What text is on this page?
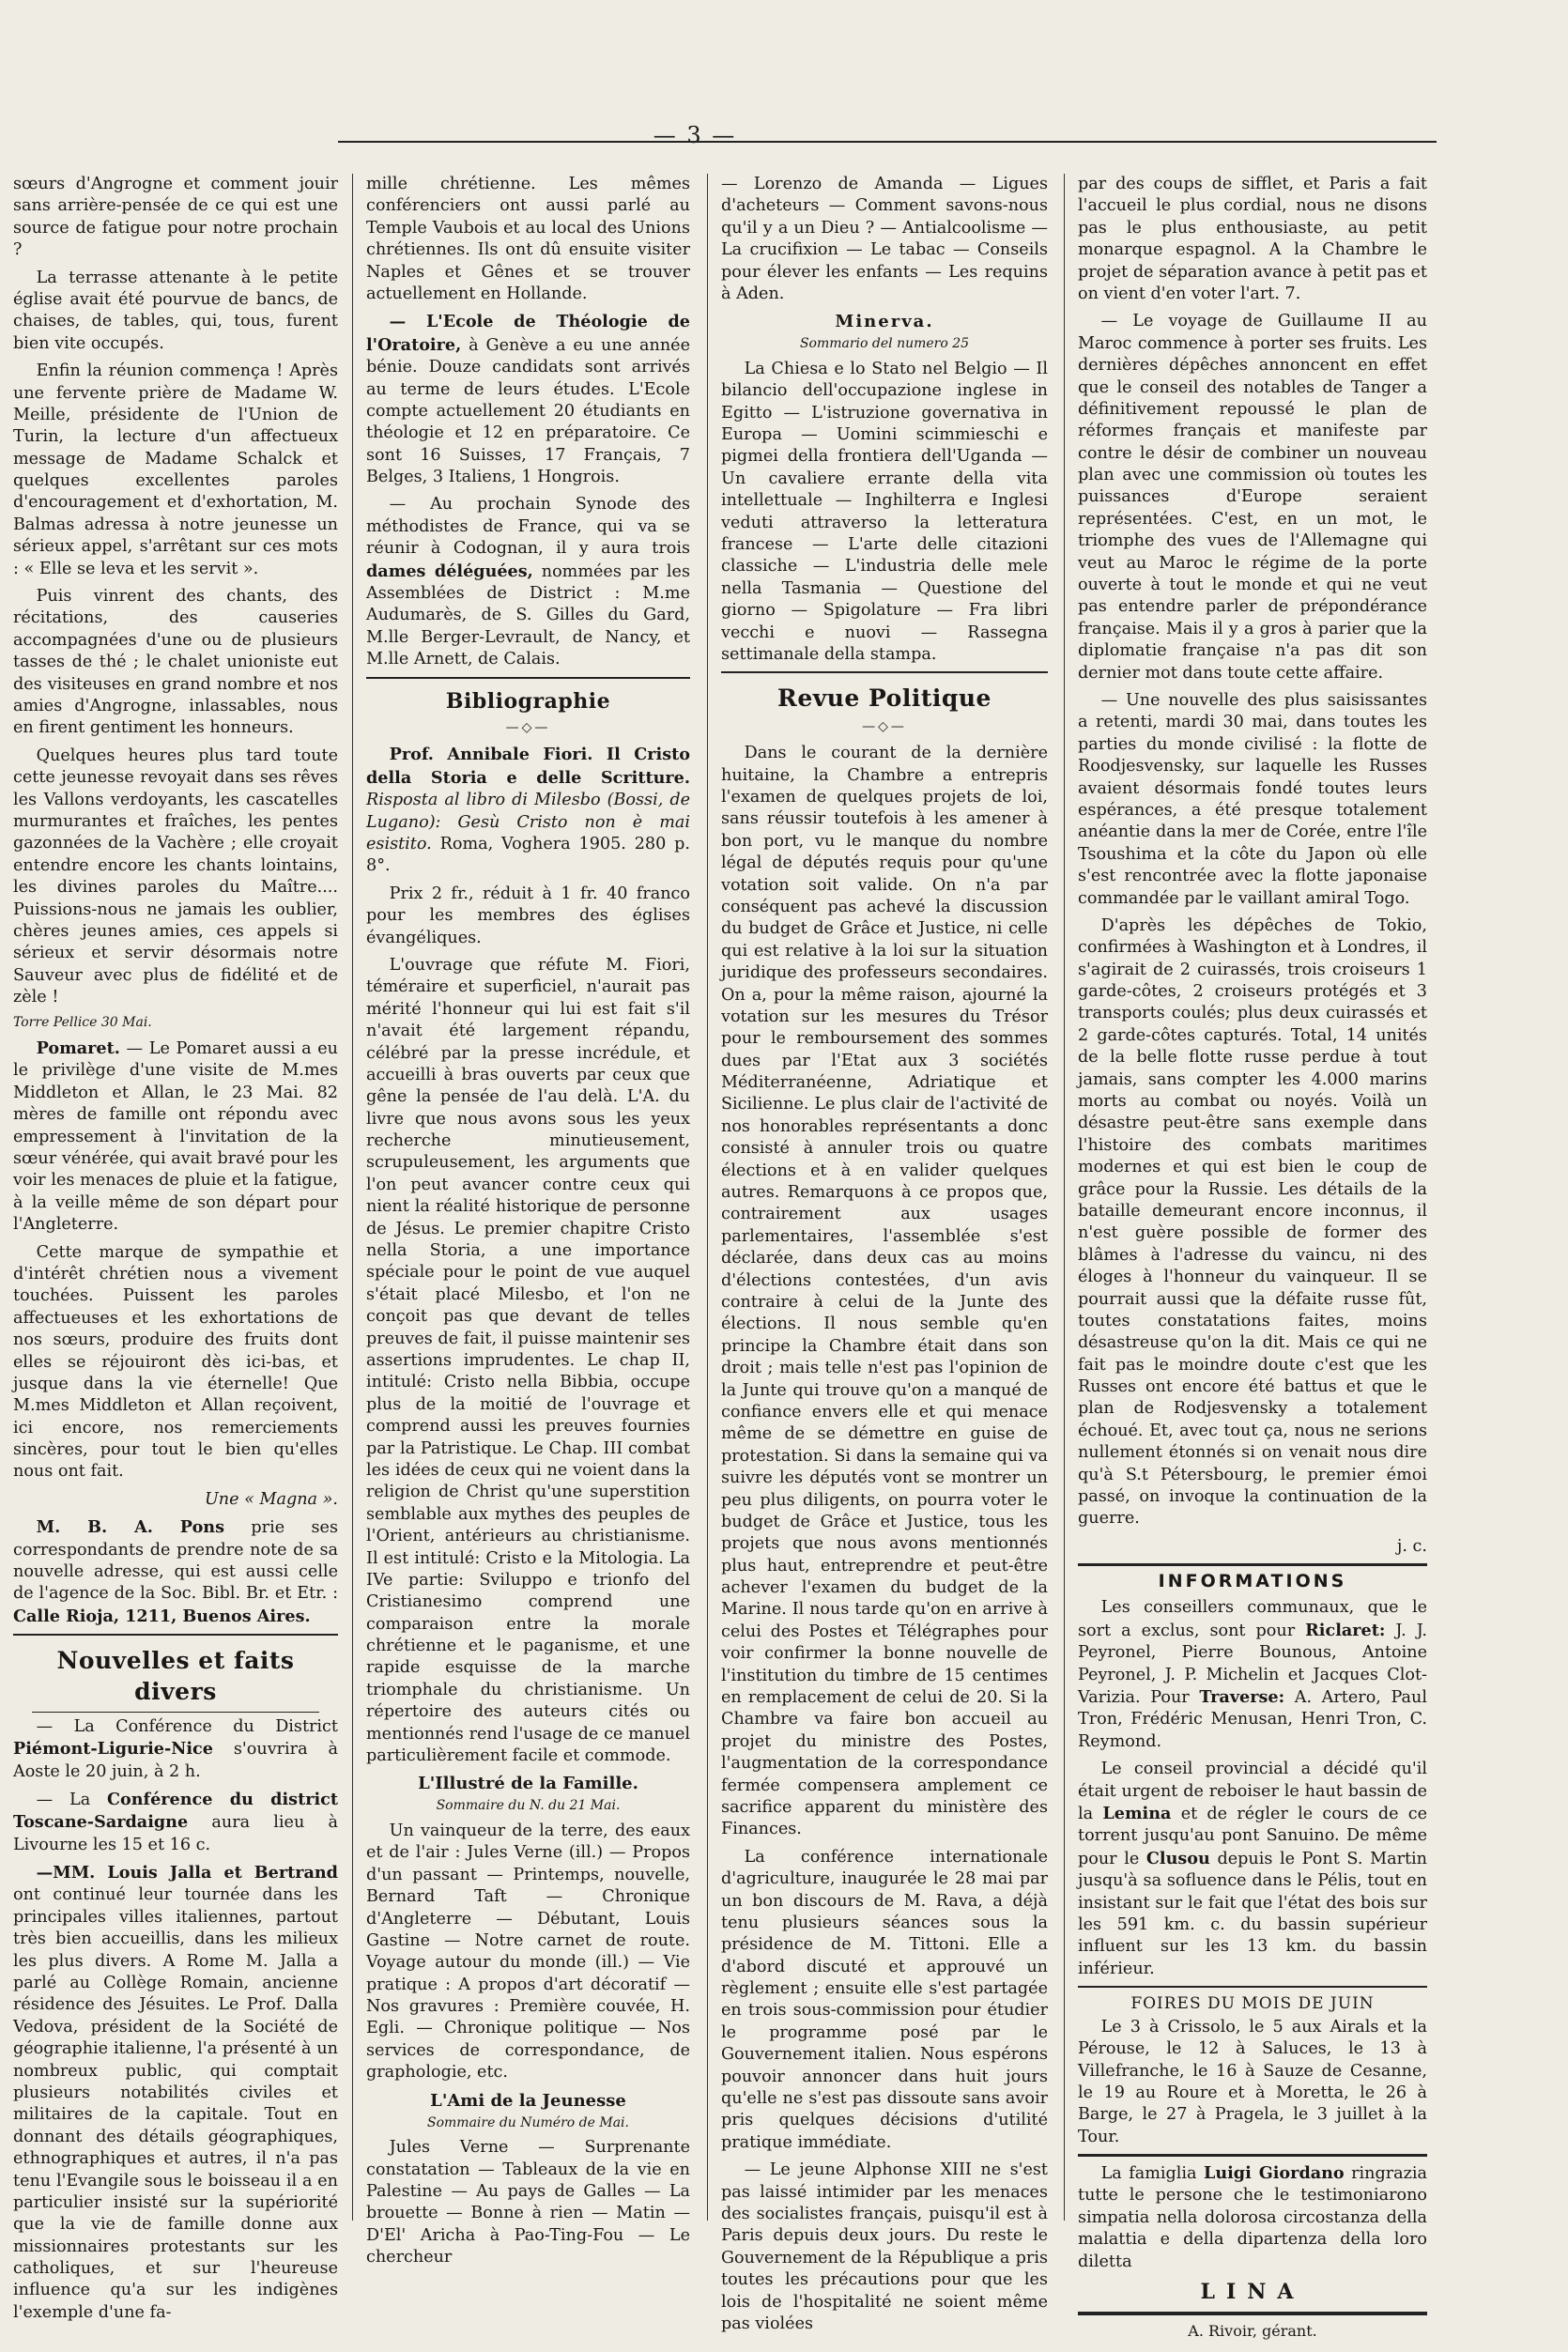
— 3 —

sœurs d'Angrogne et comment jouir sans arrière-pensée de ce qui est une source de fatigue pour notre prochain ?

La terrasse attenante à le petite église avait été pourvue de bancs, de chaises, de tables, qui, tous, furent bien vite occupés.

Enfin la réunion commença ! Après une fervente prière de Madame W. Meille, présidente de l'Union de Turin, la lecture d'un affectueux message de Madame Schalck et quelques excellentes paroles d'encouragement et d'exhortation, M. Balmas adressa à notre jeunesse un sérieux appel, s'arrêtant sur ces mots : « Elle se leva et les servit ».

Puis vinrent des chants, des récitations, des causeries accompagnées d'une ou de plusieurs tasses de thé ; le chalet unioniste eut des visiteuses en grand nombre et nos amies d'Angrogne, inlassables, nous en firent gentiment les honneurs.

Quelques heures plus tard toute cette jeunesse revoyait dans ses rêves les Vallons verdoyants, les cascatelles murmurantes et fraîches, les pentes gazonnées de la Vachère ; elle croyait entendre encore les chants lointains, les divines paroles du Maître.... Puissions-nous ne jamais les oublier, chères jeunes amies, ces appels si sérieux et servir désormais notre Sauveur avec plus de fidélité et de zèle !

Torre Pellice 30 Mai.

Pomaret. — Le Pomaret aussi a eu le privilège d'une visite de M.mes Middleton et Allan, le 23 Mai. 82 mères de famille ont répondu avec empressement à l'invitation de la sœur vénérée, qui avait bravé pour les voir les menaces de pluie et la fatigue, à la veille même de son départ pour l'Angleterre.

Cette marque de sympathie et d'intérêt chrétien nous a vivement touchées. Puissent les paroles affectueuses et les exhortations de nos sœurs, produire des fruits dont elles se réjouiront dès ici-bas, et jusque dans la vie éternelle! Que M.mes Middleton et Allan reçoivent, ici encore, nos remerciements sincères, pour tout le bien qu'elles nous ont fait.

Une « Magna ».

M. B. A. Pons prie ses correspondants de prendre note de sa nouvelle adresse, qui est aussi celle de l'agence de la Soc. Bibl. Br. et Etr. : Calle Rioja, 1211, Buenos Aires.

Nouvelles et faits divers

— La Conférence du District Piémont-Ligurie-Nice s'ouvrira à Aoste le 20 juin, à 2 h.

— La Conférence du district Toscane-Sardaigne aura lieu à Livourne les 15 et 16 c.

—MM. Louis Jalla et Bertrand ont continué leur tournée dans les principales villes italiennes, partout très bien accueillis, dans les milieux les plus divers. A Rome M. Jalla a parlé au Collège Romain, ancienne résidence des Jésuites. Le Prof. Dalla Vedova, président de la Société de géographie italienne, l'a présenté à un nombreux public, qui comptait plusieurs notabilités civiles et militaires de la capitale. Tout en donnant des détails géographiques, ethnographiques et autres, il n'a pas tenu l'Evangile sous le boisseau il a en particulier insisté sur la supériorité que la vie de famille donne aux missionnaires protestants sur les catholiques, et sur l'heureuse influence qu'a sur les indigènes l'exemple d'une fa-

mille chrétienne. Les mêmes conférenciers ont aussi parlé au Temple Vaubois et au local des Unions chrétiennes. Ils ont dû ensuite visiter Naples et Gênes et se trouver actuellement en Hollande.

— L'Ecole de Théologie de l'Oratoire, à Genève a eu une année bénie. Douze candidats sont arrivés au terme de leurs études. L'Ecole compte actuellement 20 étudiants en théologie et 12 en préparatoire. Ce sont 16 Suisses, 17 Français, 7 Belges, 3 Italiens, 1 Hongrois.

— Au prochain Synode des méthodistes de France, qui va se réunir à Codognan, il y aura trois dames déléguées, nommées par les Assemblées de District : M.me Audumarès, de S. Gilles du Gard, M.lle Berger-Levrault, de Nancy, et M.lle Arnett, de Calais.

Bibliographie
—◇—

Prof. Annibale Fiori. Il Cristo della Storia e delle Scritture. Risposta al libro di Milesbo (Bossi, de Lugano): Gesù Cristo non è mai esistito. Roma, Voghera 1905. 280 p. 8°.

Prix 2 fr., réduit à 1 fr. 40 franco pour les membres des églises évangéliques.

L'ouvrage que réfute M. Fiori, téméraire et superficiel, n'aurait pas mérité l'honneur qui lui est fait s'il n'avait été largement répandu, célébré par la presse incrédule, et accueilli à bras ouverts par ceux que gêne la pensée de l'au delà. L'A. du livre que nous avons sous les yeux recherche minutieusement, scrupuleusement, les arguments que l'on peut avancer contre ceux qui nient la réalité historique de personne de Jésus. Le premier chapitre Cristo nella Storia, a une importance spéciale pour le point de vue auquel s'était placé Milesbo, et l'on ne conçoit pas que devant de telles preuves de fait, il puisse maintenir ses assertions imprudentes. Le chap II, intitulé: Cristo nella Bibbia, occupe plus de la moitié de l'ouvrage et comprend aussi les preuves fournies par la Patristique. Le Chap. III combat les idées de ceux qui ne voient dans la religion de Christ qu'une superstition semblable aux mythes des peuples de l'Orient, antérieurs au christianisme. Il est intitulé: Cristo e la Mitologia. La IVe partie: Sviluppo e trionfo del Cristianesimo comprend une comparaison entre la morale chrétienne et le paganisme, et une rapide esquisse de la marche triomphale du christianisme. Un répertoire des auteurs cités ou mentionnés rend l'usage de ce manuel particulièrement facile et commode.

L'Illustré de la Famille.
Sommaire du N. du 21 Mai.

Un vainqueur de la terre, des eaux et de l'air : Jules Verne (ill.) — Propos d'un passant — Printemps, nouvelle, Bernard Taft — Chronique d'Angleterre — Débutant, Louis Gastine — Notre carnet de route. Voyage autour du monde (ill.) — Vie pratique : A propos d'art décoratif — Nos gravures : Première couvée, H. Egli. — Chronique politique — Nos services de correspondance, de graphologie, etc.

L'Ami de la Jeunesse
Sommaire du Numéro de Mai.

Jules Verne — Surprenante constatation — Tableaux de la vie en Palestine — Au pays de Galles — La brouette — Bonne à rien — Matin — D'El' Aricha à Pao-Ting-Fou — Le chercheur

— Lorenzo de Amanda — Ligues d'acheteurs — Comment savons-nous qu'il y a un Dieu ? — Antialcoolisme — La crucifixion — Le tabac — Conseils pour élever les enfants — Les requins à Aden.

Minerva.
Sommario del numero 25

La Chiesa e lo Stato nel Belgio — Il bilancio dell'occupazione inglese in Egitto — L'istruzione governativa in Europa — Uomini scimmieschi e pigmei della frontiera dell'Uganda — Un cavaliere errante della vita intellettuale — Inghilterra e Inglesi veduti attraverso la letteratura francese — L'arte delle citazioni classiche — L'industria delle mele nella Tasmania — Questione del giorno — Spigolature — Fra libri vecchi e nuovi — Rassegna settimanale della stampa.

Revue Politique
—◇—

Dans le courant de la dernière huitaine, la Chambre a entrepris l'examen de quelques projets de loi, sans réussir toutefois à les amener à bon port, vu le manque du nombre légal de députés requis pour qu'une votation soit valide. On n'a par conséquent pas achevé la discussion du budget de Grâce et Justice, ni celle qui est relative à la loi sur la situation juridique des professeurs secondaires. On a, pour la même raison, ajourné la votation sur les mesures du Trésor pour le remboursement des sommes dues par l'Etat aux 3 sociétés Méditerranéenne, Adriatique et Sicilienne. Le plus clair de l'activité de nos honorables représentants a donc consisté à annuler trois ou quatre élections et à en valider quelques autres. Remarquons à ce propos que, contrairement aux usages parlementaires, l'assemblée s'est déclarée, dans deux cas au moins d'élections contestées, d'un avis contraire à celui de la Junte des élections. Il nous semble qu'en principe la Chambre était dans son droit ; mais telle n'est pas l'opinion de la Junte qui trouve qu'on a manqué de confiance envers elle et qui menace même de se démettre en guise de protestation. Si dans la semaine qui va suivre les députés vont se montrer un peu plus diligents, on pourra voter le budget de Grâce et Justice, tous les projets que nous avons mentionnés plus haut, entreprendre et peut-être achever l'examen du budget de la Marine. Il nous tarde qu'on en arrive à celui des Postes et Télégraphes pour voir confirmer la bonne nouvelle de l'institution du timbre de 15 centimes en remplacement de celui de 20. Si la Chambre va faire bon accueil au projet du ministre des Postes, l'augmentation de la correspondance fermée compensera amplement ce sacrifice apparent du ministère des Finances.

La conférence internationale d'agriculture, inaugurée le 28 mai par un bon discours de M. Rava, a déjà tenu plusieurs séances sous la présidence de M. Tittoni. Elle a d'abord discuté et approuvé un règlement ; ensuite elle s'est partagée en trois sous-commission pour étudier le programme posé par le Gouvernement italien. Nous espérons pouvoir annoncer dans huit jours qu'elle ne s'est pas dissoute sans avoir pris quelques décisions d'utilité pratique immédiate.

— Le jeune Alphonse XIII ne s'est pas laissé intimider par les menaces des socialistes français, puisqu'il est à Paris depuis deux jours. Du reste le Gouvernement de la République a pris toutes les précautions pour que les lois de l'hospitalité ne soient même pas violées

par des coups de sifflet, et Paris a fait l'accueil le plus cordial, nous ne disons pas le plus enthousiaste, au petit monarque espagnol. A la Chambre le projet de séparation avance à petit pas et on vient d'en voter l'art. 7.

— Le voyage de Guillaume II au Maroc commence à porter ses fruits. Les dernières dépêches annoncent en effet que le conseil des notables de Tanger a définitivement repoussé le plan de réformes français et manifeste par contre le désir de combiner un nouveau plan avec une commission où toutes les puissances d'Europe seraient représentées. C'est, en un mot, le triomphe des vues de l'Allemagne qui veut au Maroc le régime de la porte ouverte à tout le monde et qui ne veut pas entendre parler de prépondérance française. Mais il y a gros à parier que la diplomatie française n'a pas dit son dernier mot dans toute cette affaire.

— Une nouvelle des plus saisissantes a retenti, mardi 30 mai, dans toutes les parties du monde civilisé : la flotte de Roodjesvensky, sur laquelle les Russes avaient désormais fondé toutes leurs espérances, a été presque totalement anéantie dans la mer de Corée, entre l'île Tsoushima et la côte du Japon où elle s'est rencontrée avec la flotte japonaise commandée par le vaillant amiral Togo.

D'après les dépêches de Tokio, confirmées à Washington et à Londres, il s'agirait de 2 cuirassés, trois croiseurs 1 garde-côtes, 2 croiseurs protégés et 3 transports coulés; plus deux cuirassés et 2 garde-côtes capturés. Total, 14 unités de la belle flotte russe perdue à tout jamais, sans compter les 4.000 marins morts au combat ou noyés. Voilà un désastre peut-être sans exemple dans l'histoire des combats maritimes modernes et qui est bien le coup de grâce pour la Russie. Les détails de la bataille demeurant encore inconnus, il n'est guère possible de former des blâmes à l'adresse du vaincu, ni des éloges à l'honneur du vainqueur. Il se pourrait aussi que la défaite russe fût, toutes constatations faites, moins désastreuse qu'on la dit. Mais ce qui ne fait pas le moindre doute c'est que les Russes ont encore été battus et que le plan de Rodjesvensky a totalement échoué. Et, avec tout ça, nous ne serions nullement étonnés si on venait nous dire qu'à S.t Pétersbourg, le premier émoi passé, on invoque la continuation de la guerre.

j. c.
INFORMATIONS

Les conseillers communaux, que le sort a exclus, sont pour Riclaret: J. J. Peyronel, Pierre Bounous, Antoine Peyronel, J. P. Michelin et Jacques Clot-Varizia. Pour Traverse: A. Artero, Paul Tron, Frédéric Menusan, Henri Tron, C. Reymond.

Le conseil provincial a décidé qu'il était urgent de reboiser le haut bassin de la Lemina et de régler le cours de ce torrent jusqu'au pont Sanuino. De même pour le Clusou depuis le Pont S. Martin jusqu'à sa sofluence dans le Pélis, tout en insistant sur le fait que l'état des bois sur les 591 km. c. du bassin supérieur influent sur les 13 km. du bassin inférieur.

FOIRES DU MOIS DE JUIN

Le 3 à Crissolo, le 5 aux Airals et la Pérouse, le 12 à Saluces, le 13 à Villefranche, le 16 à Sauze de Cesanne, le 19 au Roure et à Moretta, le 26 à Barge, le 27 à Pragela, le 3 juillet à la Tour.

La famiglia Luigi Giordano ringrazia tutte le persone che le testimoniarono simpatia nella dolorosa circostanza della malattia e della dipartenza della loro diletta

LINA
A. Rivoir, gérant.
